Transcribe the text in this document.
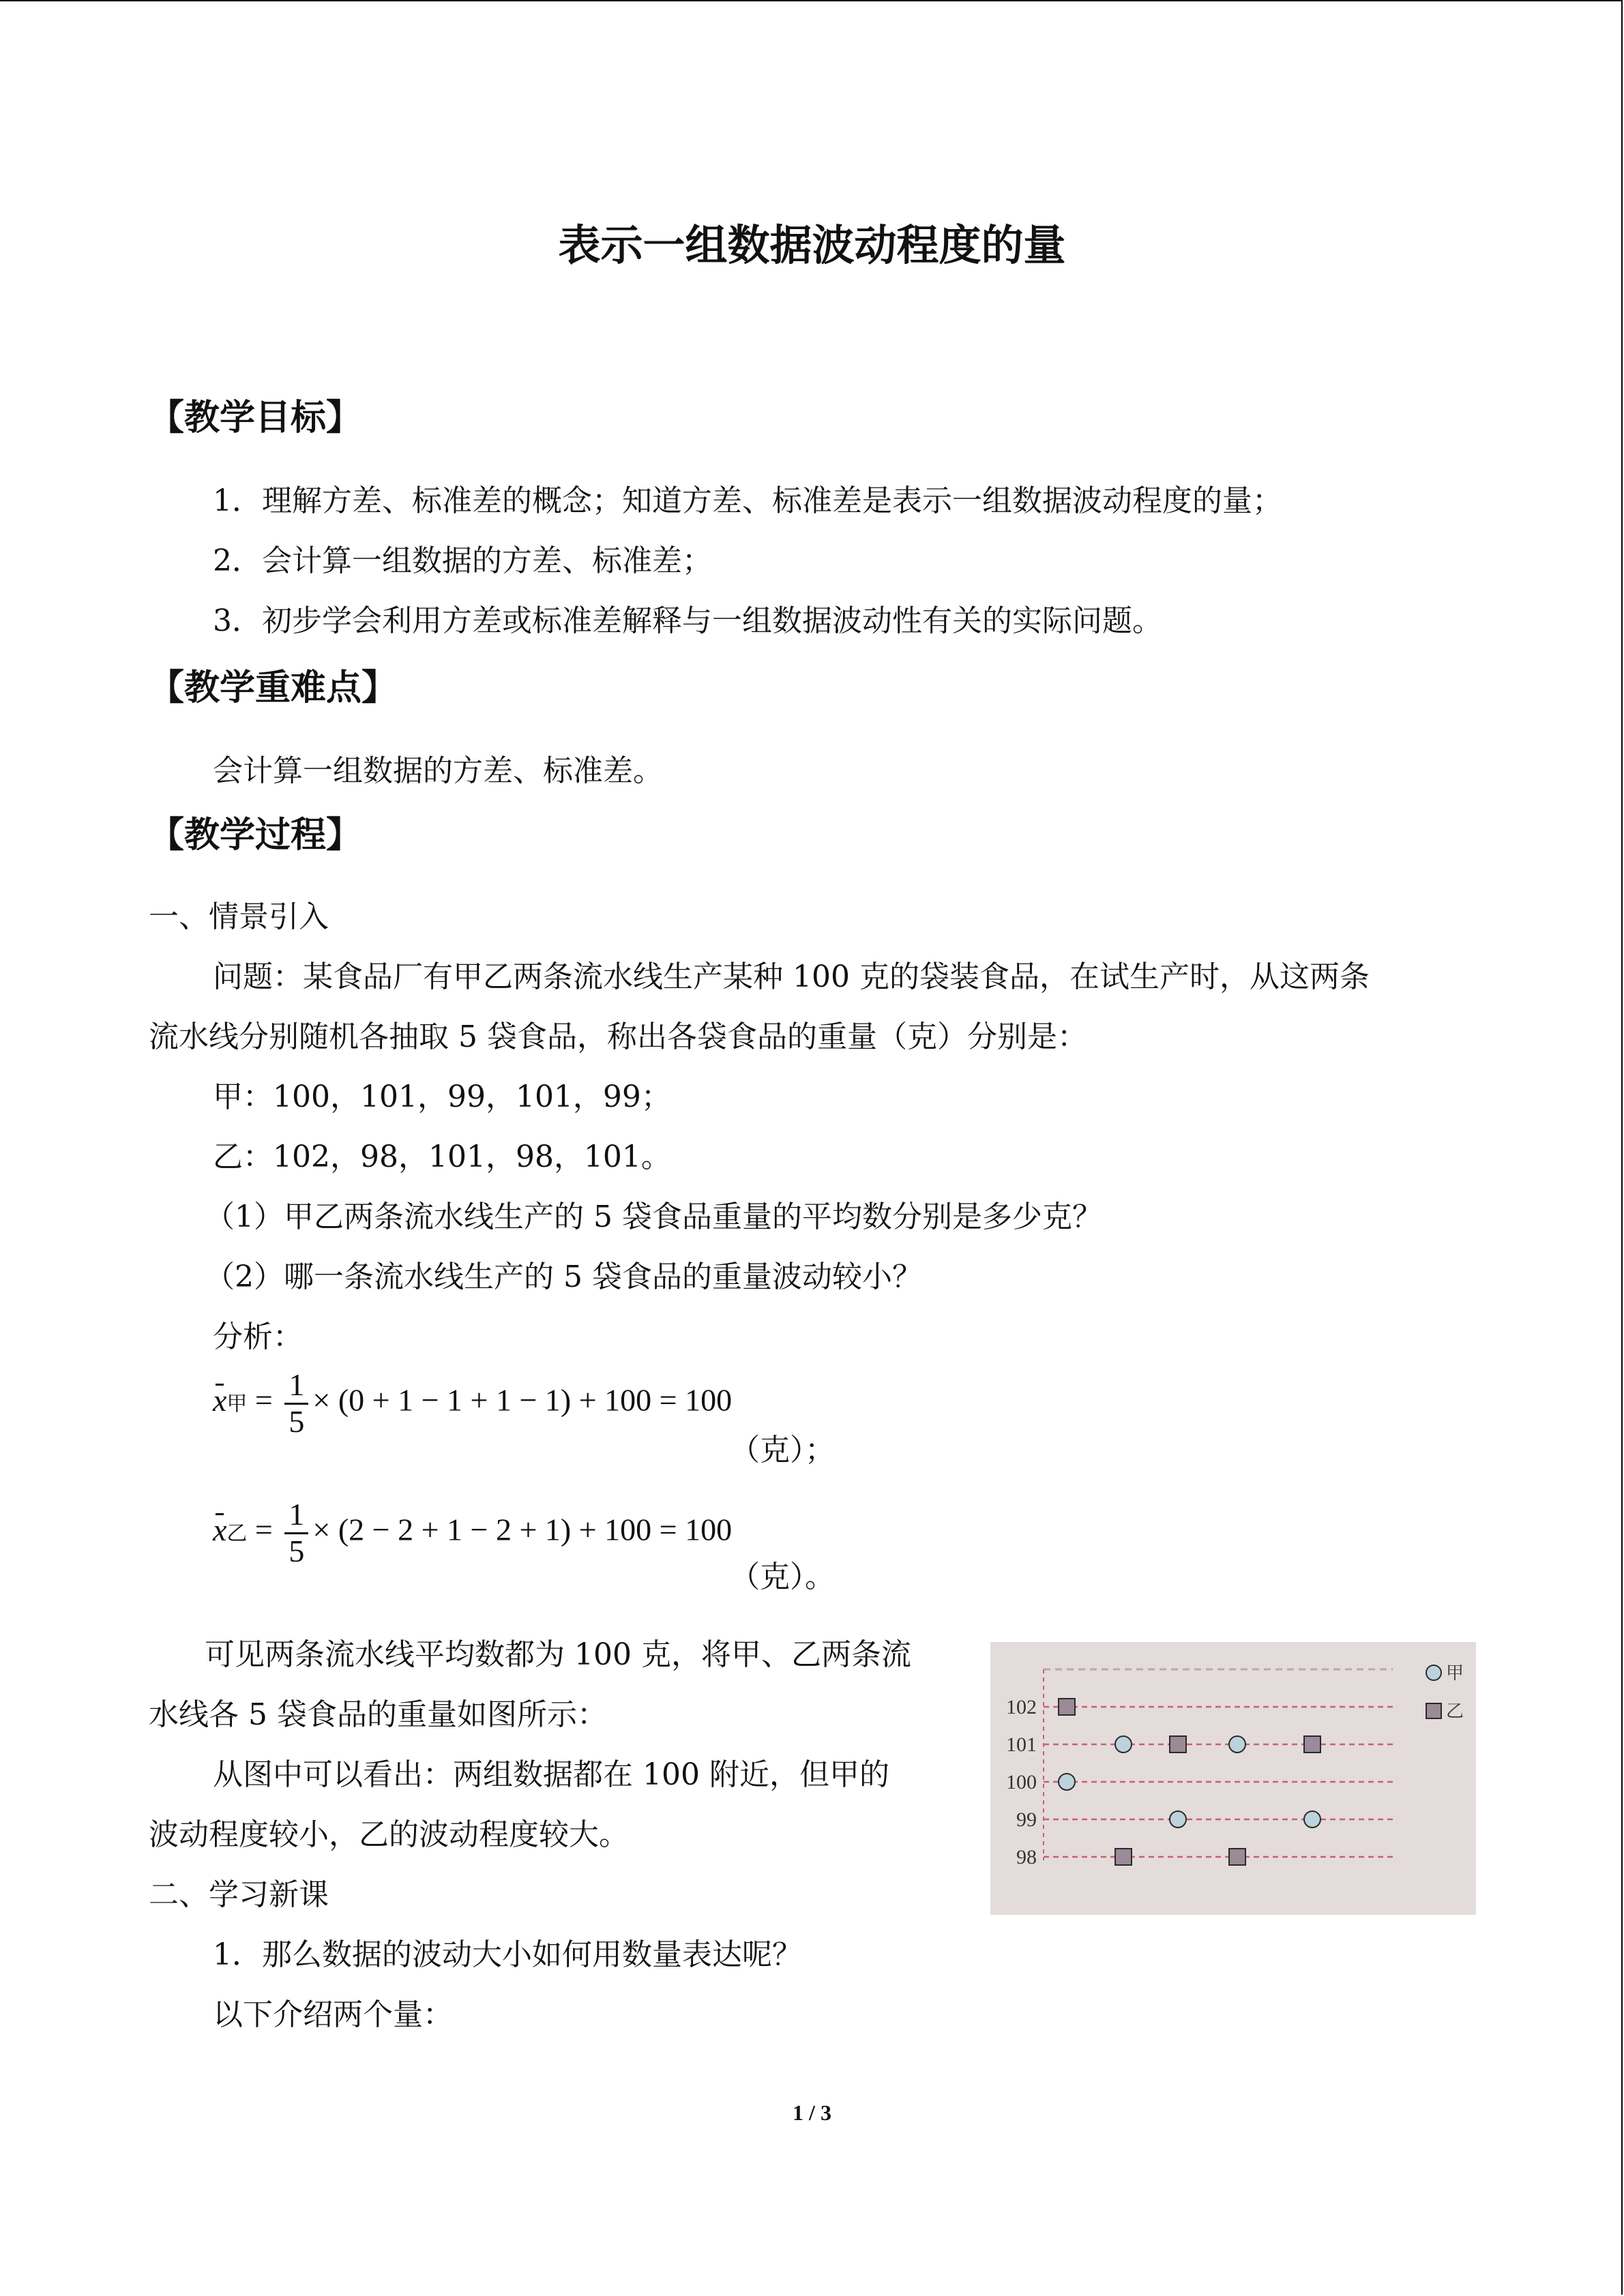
表示一组数据波动程度的量
【教学目标】
1．理解方差、标准差的概念；知道方差、标准差是表示一组数据波动程度的量；
2．会计算一组数据的方差、标准差；
3．初步学会利用方差或标准差解释与一组数据波动性有关的实际问题。
【教学重难点】
会计算一组数据的方差、标准差。
【教学过程】
一、情景引入
问题：某食品厂有甲乙两条流水线生产某种 100 克的袋装食品，在试生产时，从这两条
流水线分别随机各抽取 5 袋食品，称出各袋食品的重量（克）分别是：
甲：100，101，99，101，99；
乙：102，98，101，98，101。
（1）甲乙两条流水线生产的 5 袋食品重量的平均数分别是多少克？
（2）哪一条流水线生产的 5 袋食品的重量波动较小？
分析：
x甲 = $\frac{1}{5} \times (0 + 1 - 1 + 1 - 1) + 100 = 100$
（克）；
x乙 = $\frac{1}{5} \times (2 - 2 + 1 - 2 + 1) + 100 = 100$
（克）。
可见两条流水线平均数都为 100 克，将甲、乙两条流
水线各 5 袋食品的重量如图所示：
从图中可以看出：两组数据都在 100 附近，但甲的
波动程度较小，乙的波动程度较大。
二、学习新课
1．那么数据的波动大小如何用数量表达呢？
以下介绍两个量：
102
101
100
99
98
甲
乙
1 / 3
